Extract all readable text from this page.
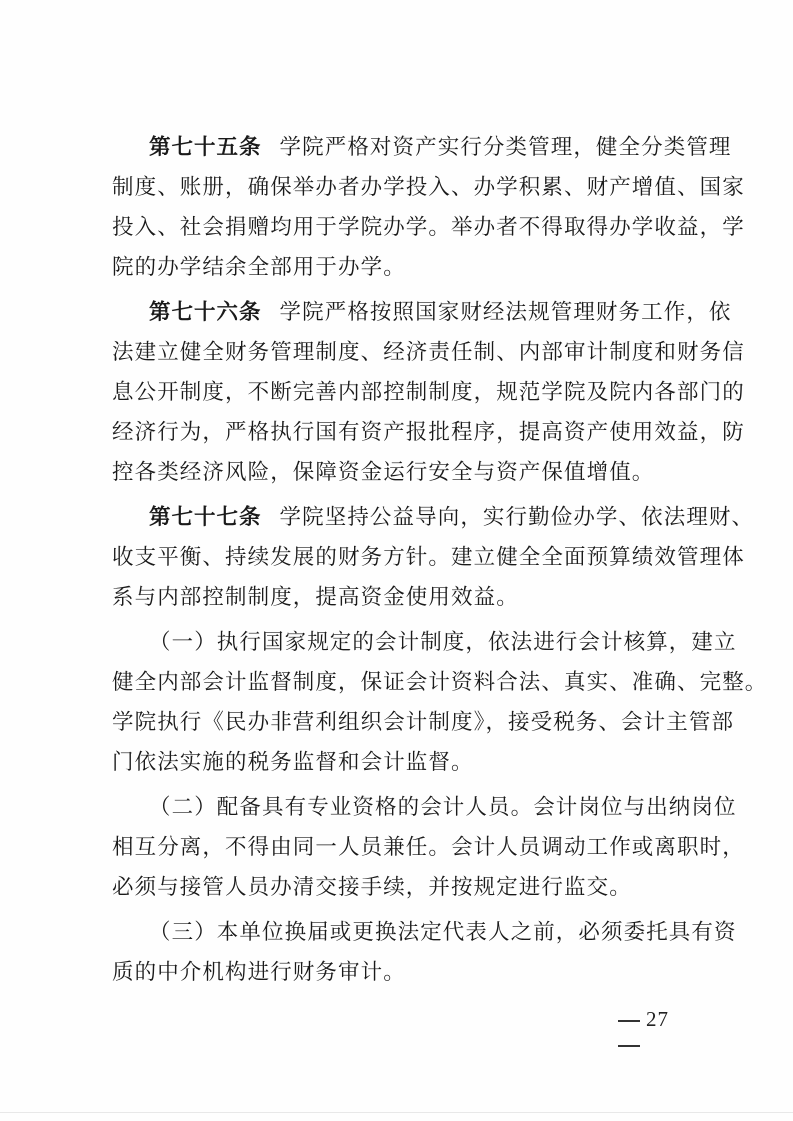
第七十五条 学院严格对资产实行分类管理，健全分类管理
制度、账册，确保举办者办学投入、办学积累、财产增值、国家
投入、社会捐赠均用于学院办学。举办者不得取得办学收益，学
院的办学结余全部用于办学。
第七十六条 学院严格按照国家财经法规管理财务工作，依
法建立健全财务管理制度、经济责任制、内部审计制度和财务信
息公开制度，不断完善内部控制制度，规范学院及院内各部门的
经济行为，严格执行国有资产报批程序，提高资产使用效益，防
控各类经济风险，保障资金运行安全与资产保值增值。
第七十七条 学院坚持公益导向，实行勤俭办学、依法理财、
收支平衡、持续发展的财务方针。建立健全全面预算绩效管理体
系与内部控制制度，提高资金使用效益。
（一）执行国家规定的会计制度，依法进行会计核算，建立
健全内部会计监督制度，保证会计资料合法、真实、准确、完整。
学院执行《民办非营利组织会计制度》，接受税务、会计主管部
门依法实施的税务监督和会计监督。
（二）配备具有专业资格的会计人员。会计岗位与出纳岗位
相互分离，不得由同一人员兼任。会计人员调动工作或离职时，
必须与接管人员办清交接手续，并按规定进行监交。
（三）本单位换届或更换法定代表人之前，必须委托具有资
质的中介机构进行财务审计。
27
